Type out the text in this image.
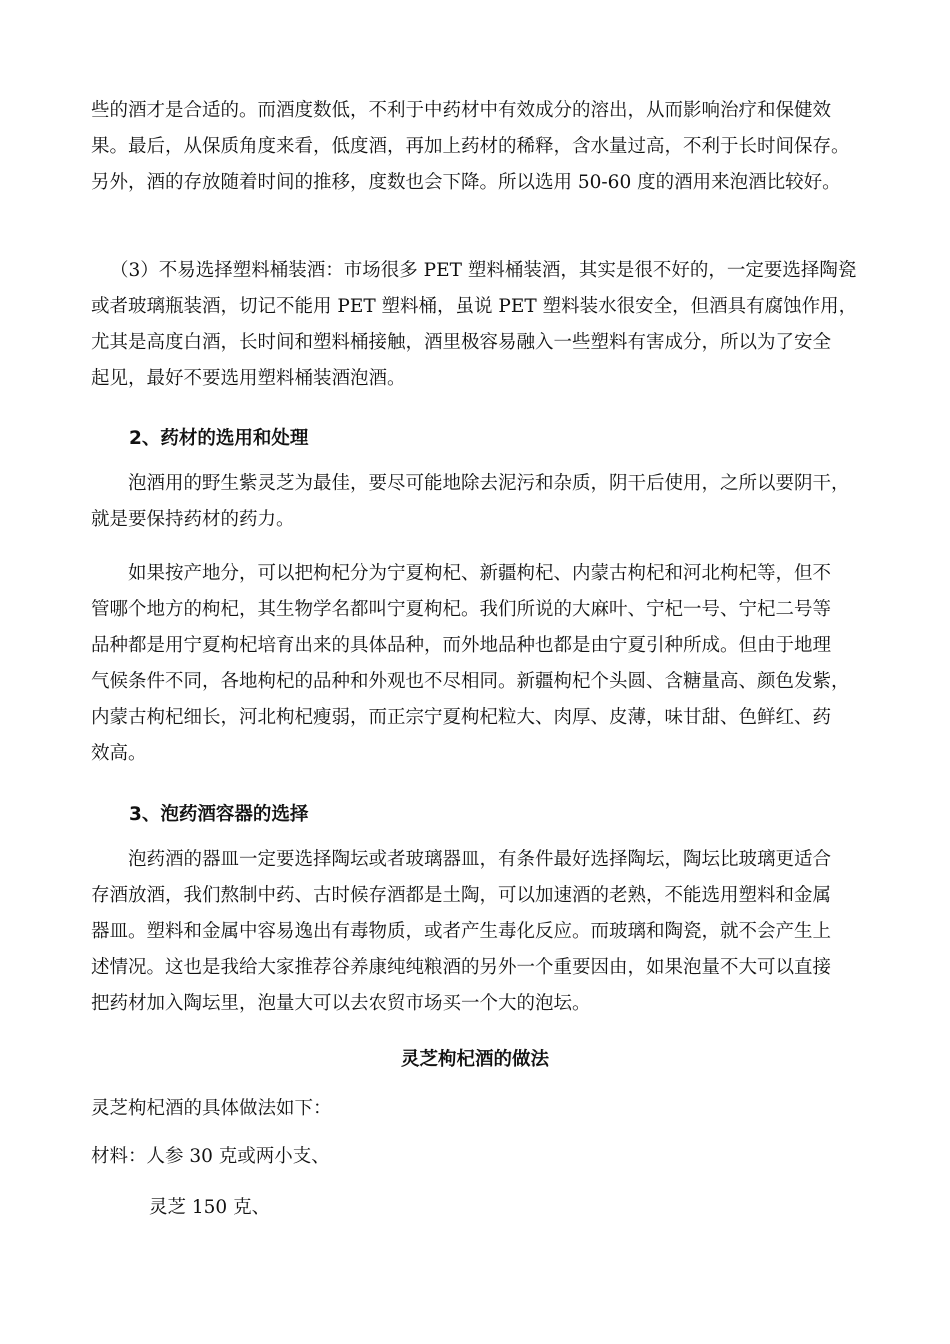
些的酒才是合适的。而酒度数低，不利于中药材中有效成分的溶出，从而影响治疗和保健效
果。最后，从保质角度来看，低度酒，再加上药材的稀释，含水量过高，不利于长时间保存。
另外，酒的存放随着时间的推移，度数也会下降。所以选用 50-60 度的酒用来泡酒比较好。
（3）不易选择塑料桶装酒：市场很多 PET 塑料桶装酒，其实是很不好的，一定要选择陶瓷
或者玻璃瓶装酒，切记不能用 PET 塑料桶，虽说 PET 塑料装水很安全，但酒具有腐蚀作用，
尤其是高度白酒，长时间和塑料桶接触，酒里极容易融入一些塑料有害成分，所以为了安全
起见，最好不要选用塑料桶装酒泡酒。

2、药材的选用和处理

泡酒用的野生紫灵芝为最佳，要尽可能地除去泥污和杂质，阴干后使用，之所以要阴干，
就是要保持药材的药力。
如果按产地分，可以把枸杞分为宁夏枸杞、新疆枸杞、内蒙古枸杞和河北枸杞等，但不
管哪个地方的枸杞，其生物学名都叫宁夏枸杞。我们所说的大麻叶、宁杞一号、宁杞二号等
品种都是用宁夏枸杞培育出来的具体品种，而外地品种也都是由宁夏引种所成。但由于地理
气候条件不同，各地枸杞的品种和外观也不尽相同。新疆枸杞个头圆、含糖量高、颜色发紫，
内蒙古枸杞细长，河北枸杞瘦弱，而正宗宁夏枸杞粒大、肉厚、皮薄，味甘甜、色鲜红、药
效高。

3、泡药酒容器的选择

泡药酒的器皿一定要选择陶坛或者玻璃器皿，有条件最好选择陶坛，陶坛比玻璃更适合
存酒放酒，我们熬制中药、古时候存酒都是土陶，可以加速酒的老熟，不能选用塑料和金属
器皿。塑料和金属中容易逸出有毒物质，或者产生毒化反应。而玻璃和陶瓷，就不会产生上
述情况。这也是我给大家推荐谷养康纯纯粮酒的另外一个重要因由，如果泡量不大可以直接
把药材加入陶坛里，泡量大可以去农贸市场买一个大的泡坛。

灵芝枸杞酒的做法

灵芝枸杞酒的具体做法如下：

材料：人参 30 克或两小支、

灵芝 150 克、
